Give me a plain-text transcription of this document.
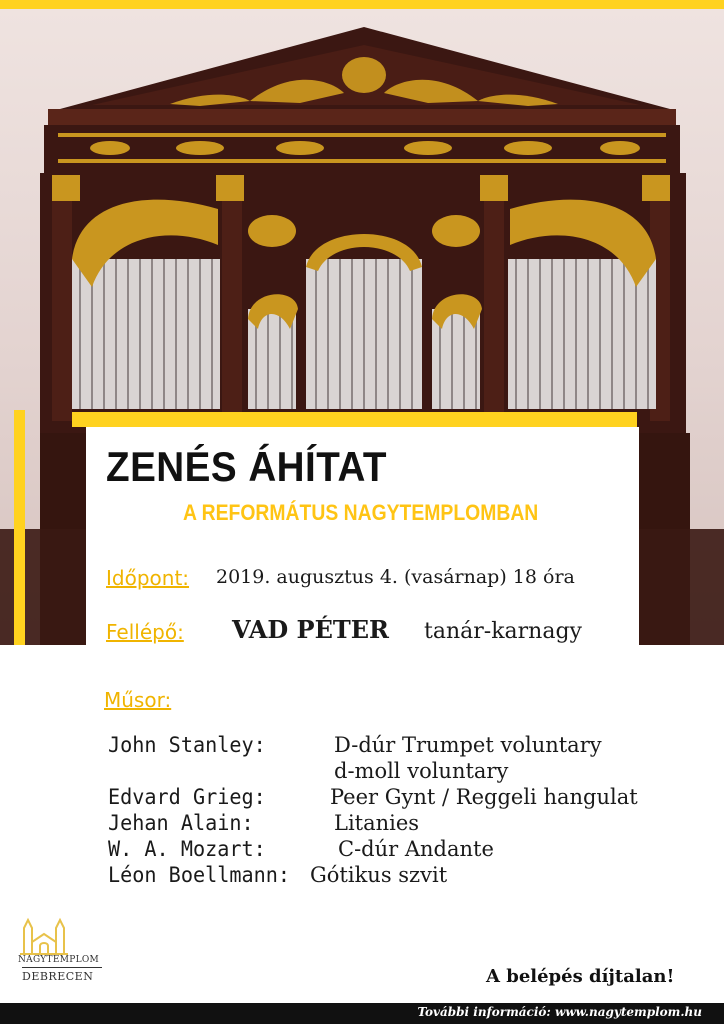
ZENÉS ÁHÍTAT
A REFORMÁTUS NAGYTEMPLOMBAN
Időpont: 2019. augusztus 4. (vasárnap) 18 óra
Fellépő: VAD PÉTER tanár-karnagy
Műsor:
John Stanley:	D-dúr Trumpet voluntary
d-moll voluntary
Edvard Grieg:	Peer Gynt / Reggeli hangulat
Jehan Alain:	Litanies
W. A. Mozart:	C-dúr Andante
Léon Boellmann: Gótikus szvit
NAGYTEMPLOM
DEBRECEN	A belépés díjtalan!
További információ: www.nagytemplom.hu
